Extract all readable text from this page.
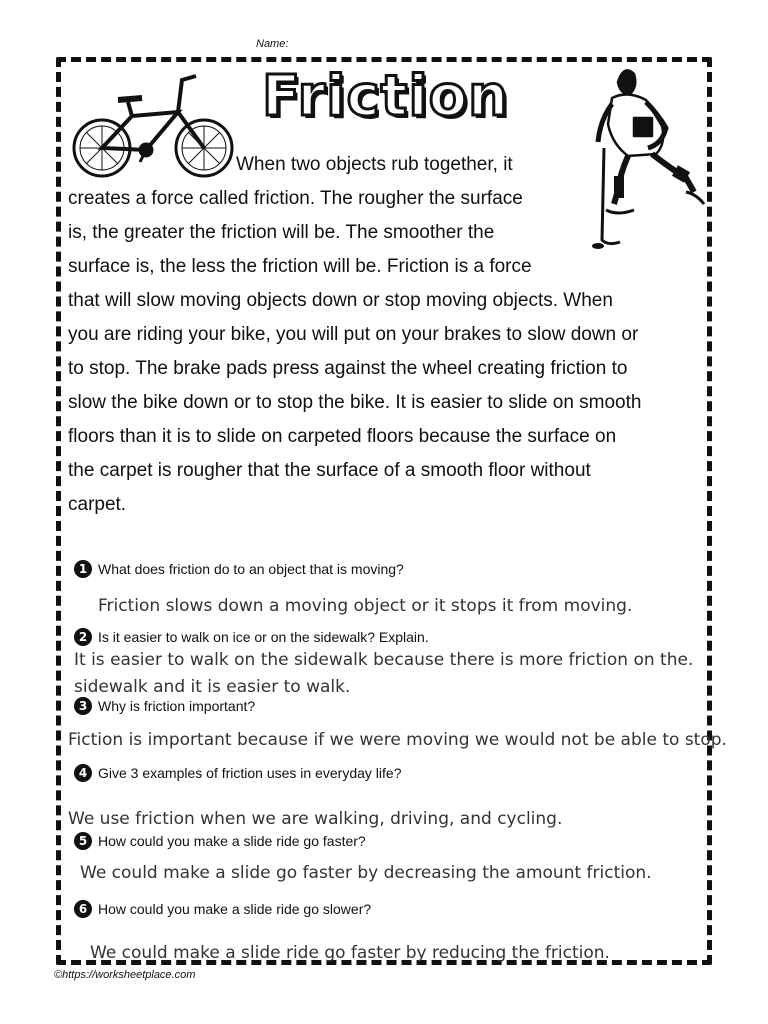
Name:
Friction
When two objects rub together, it
creates a force called friction. The rougher the surface
is, the greater the friction will be. The smoother the
surface is, the less the friction will be. Friction is a force
that will slow moving objects down or stop moving objects. When
you are riding your bike, you will put on your brakes to slow down or
to stop. The brake pads press against the wheel creating friction to
slow the bike down or to stop the bike. It is easier to slide on smooth
floors than it is to slide on carpeted floors because the surface on
the carpet is rougher that the surface of a smooth floor without
carpet.
1 What does friction do to an object that is moving?
Friction slows down a moving object or it stops it from moving.
2 Is it easier to walk on ice or on the sidewalk? Explain.
It is easier to walk on the sidewalk because there is more friction on the.
sidewalk and it is easier to walk.
3 Why is friction important?
Fiction is important because if we were moving we would not be able to stop.
4 Give 3 examples of friction uses in everyday life?
We use friction when we are walking, driving, and cycling.
5 How could you make a slide ride go faster?
We could make a slide go faster by decreasing the amount friction.
6 How could you make a slide ride go slower?
We could make a slide ride go faster by reducing the friction.
©https://worksheetplace.com
